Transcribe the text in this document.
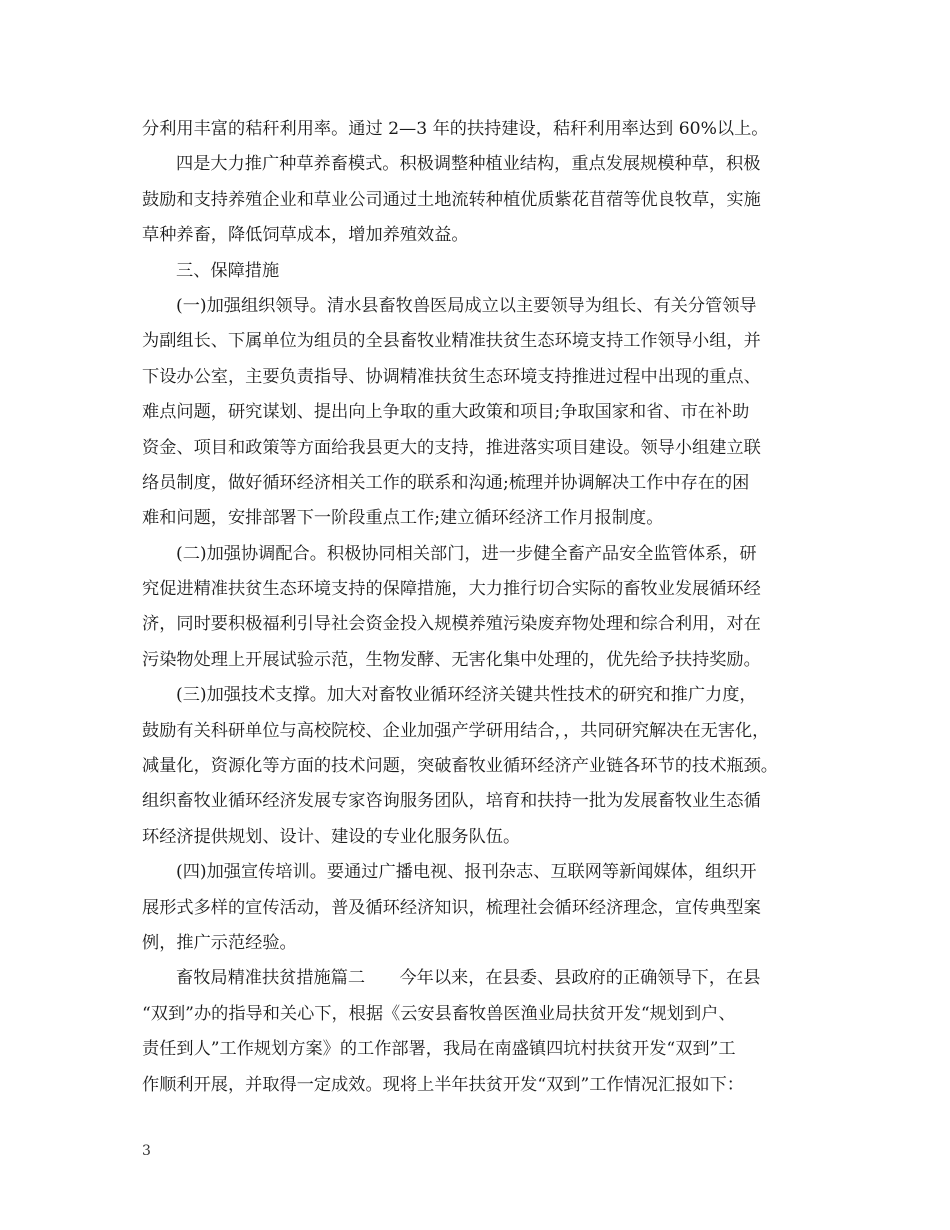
分利用丰富的秸秆利用率。通过 2—3 年的扶持建设，秸秆利用率达到 60%以上。
四是大力推广种草养畜模式。积极调整种植业结构，重点发展规模种草，积极
鼓励和支持养殖企业和草业公司通过土地流转种植优质紫花苜蓿等优良牧草，实施
草种养畜，降低饲草成本，增加养殖效益。
三、保障措施
(一)加强组织领导。清水县畜牧兽医局成立以主要领导为组长、有关分管领导
为副组长、下属单位为组员的全县畜牧业精准扶贫生态环境支持工作领导小组，并
下设办公室，主要负责指导、协调精准扶贫生态环境支持推进过程中出现的重点、
难点问题，研究谋划、提出向上争取的重大政策和项目;争取国家和省、市在补助
资金、项目和政策等方面给我县更大的支持，推进落实项目建设。领导小组建立联
络员制度，做好循环经济相关工作的联系和沟通;梳理并协调解决工作中存在的困
难和问题，安排部署下一阶段重点工作;建立循环经济工作月报制度。
(二)加强协调配合。积极协同相关部门，进一步健全畜产品安全监管体系，研
究促进精准扶贫生态环境支持的保障措施，大力推行切合实际的畜牧业发展循环经
济，同时要积极福利引导社会资金投入规模养殖污染废弃物处理和综合利用，对在
污染物处理上开展试验示范，生物发酵、无害化集中处理的，优先给予扶持奖励。
(三)加强技术支撑。加大对畜牧业循环经济关键共性技术的研究和推广力度，
鼓励有关科研单位与高校院校、企业加强产学研用结合，，共同研究解决在无害化，
减量化，资源化等方面的技术问题，突破畜牧业循环经济产业链各环节的技术瓶颈。
组织畜牧业循环经济发展专家咨询服务团队，培育和扶持一批为发展畜牧业生态循
环经济提供规划、设计、建设的专业化服务队伍。
(四)加强宣传培训。要通过广播电视、报刊杂志、互联网等新闻媒体，组织开
展形式多样的宣传活动，普及循环经济知识，梳理社会循环经济理念，宣传典型案
例，推广示范经验。
畜牧局精准扶贫措施篇二　　今年以来，在县委、县政府的正确领导下，在县
“双到”办的指导和关心下，根据《云安县畜牧兽医渔业局扶贫开发“规划到户、
责任到人”工作规划方案》的工作部署，我局在南盛镇四坑村扶贫开发“双到”工
作顺利开展，并取得一定成效。现将上半年扶贫开发“双到”工作情况汇报如下：
3
